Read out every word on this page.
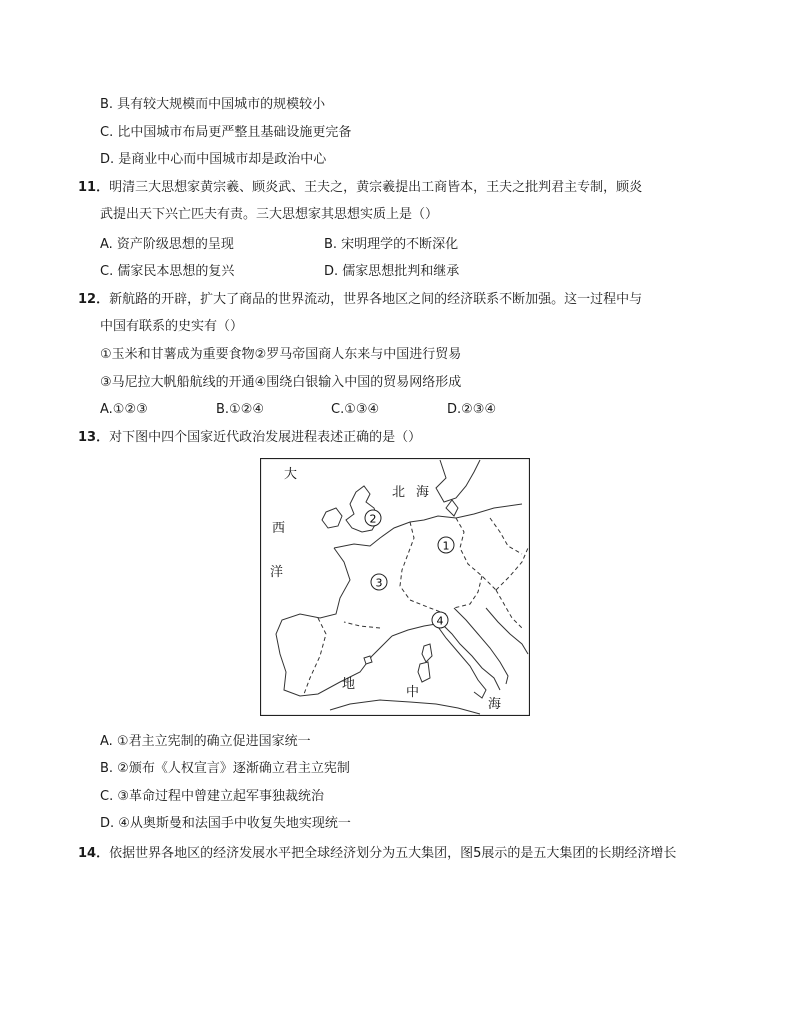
B. 具有较大规模而中国城市的规模较小
C. 比中国城市布局更严整且基础设施更完备
D. 是商业中心而中国城市却是政治中心
11．明清三大思想家黄宗羲、顾炎武、王夫之，黄宗羲提出工商皆本，王夫之批判君主专制，顾炎
武提出天下兴亡匹夫有责。三大思想家其思想实质上是（）
A. 资产阶级思想的呈现	B. 宋明理学的不断深化
C. 儒家民本思想的复兴	D. 儒家思想批判和继承
12．新航路的开辟，扩大了商品的世界流动，世界各地区之间的经济联系不断加强。这一过程中与
中国有联系的史实有（）
①玉米和甘薯成为重要食物②罗马帝国商人东来与中国进行贸易
③马尼拉大帆船航线的开通④围绕白银输入中国的贸易网络形成
A.①②③	B.①②④	C.①③④	D.②③④
13．对下图中四个国家近代政治发展进程表述正确的是（）
大
西
洋
北 海
地
中
海
1
2
3
4
A. ①君主立宪制的确立促进国家统一
B. ②颁布《人权宣言》逐渐确立君主立宪制
C. ③革命过程中曾建立起军事独裁统治
D. ④从奥斯曼和法国手中收复失地实现统一
14．依据世界各地区的经济发展水平把全球经济划分为五大集团，图5展示的是五大集团的长期经济增长
